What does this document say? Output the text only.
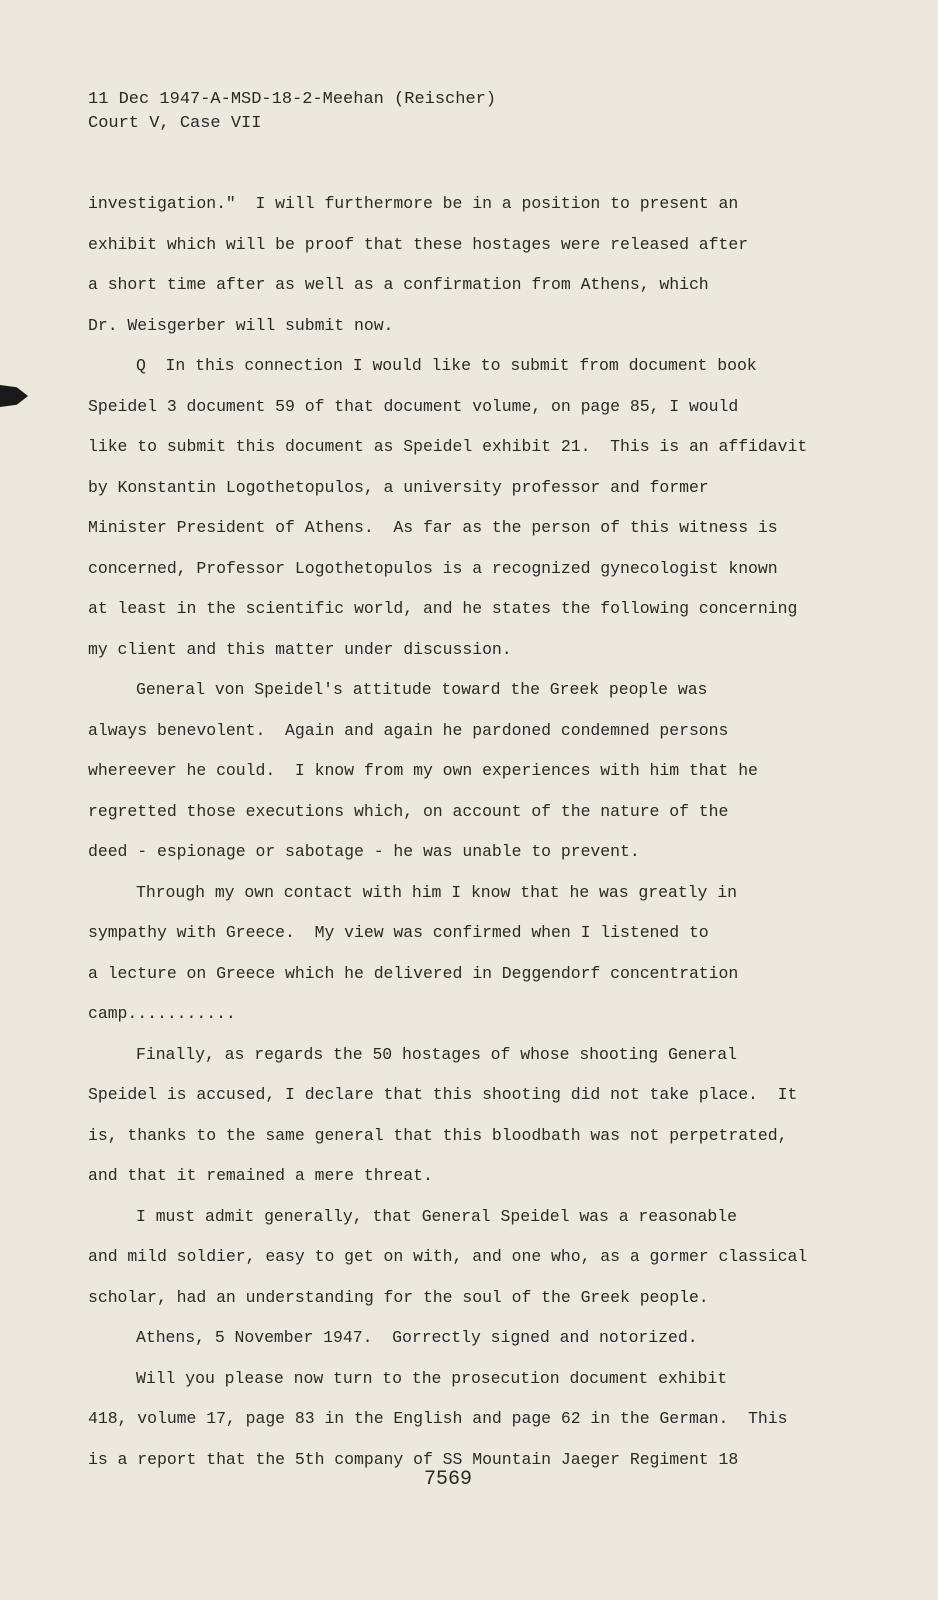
11 Dec 1947-A-MSD-18-2-Meehan (Reischer)
Court V, Case VII
investigation."  I will furthermore be in a position to present an
exhibit which will be proof that these hostages were released after
a short time after as well as a confirmation from Athens, which
Dr. Weisgerber will submit now.
Q  In this connection I would like to submit from document book
Speidel 3 document 59 of that document volume, on page 85, I would
like to submit this document as Speidel exhibit 21.  This is an affidavit
by Konstantin Logothetopulos, a university professor and former
Minister President of Athens.  As far as the person of this witness is
concerned, Professor Logothetopulos is a recognized gynecologist known
at least in the scientific world, and he states the following concerning
my client and this matter under discussion.
General von Speidel's attitude toward the Greek people was
always benevolent.  Again and again he pardoned condemned persons
whereever he could.  I know from my own experiences with him that he
regretted those executions which, on account of the nature of the
deed - espionage or sabotage - he was unable to prevent.
Through my own contact with him I know that he was greatly in
sympathy with Greece.  My view was confirmed when I listened to
a lecture on Greece which he delivered in Deggendorf concentration
camp...........
Finally, as regards the 50 hostages of whose shooting General
Speidel is accused, I declare that this shooting did not take place.  It
is, thanks to the same general that this bloodbath was not perpetrated,
and that it remained a mere threat.
I must admit generally, that General Speidel was a reasonable
and mild soldier, easy to get on with, and one who, as a gormer classical
scholar, had an understanding for the soul of the Greek people.
Athens, 5 November 1947.  Gorrectly signed and notorized.
Will you please now turn to the prosecution document exhibit
418, volume 17, page 83 in the English and page 62 in the German.  This
is a report that the 5th company of SS Mountain Jaeger Regiment 18
7569
